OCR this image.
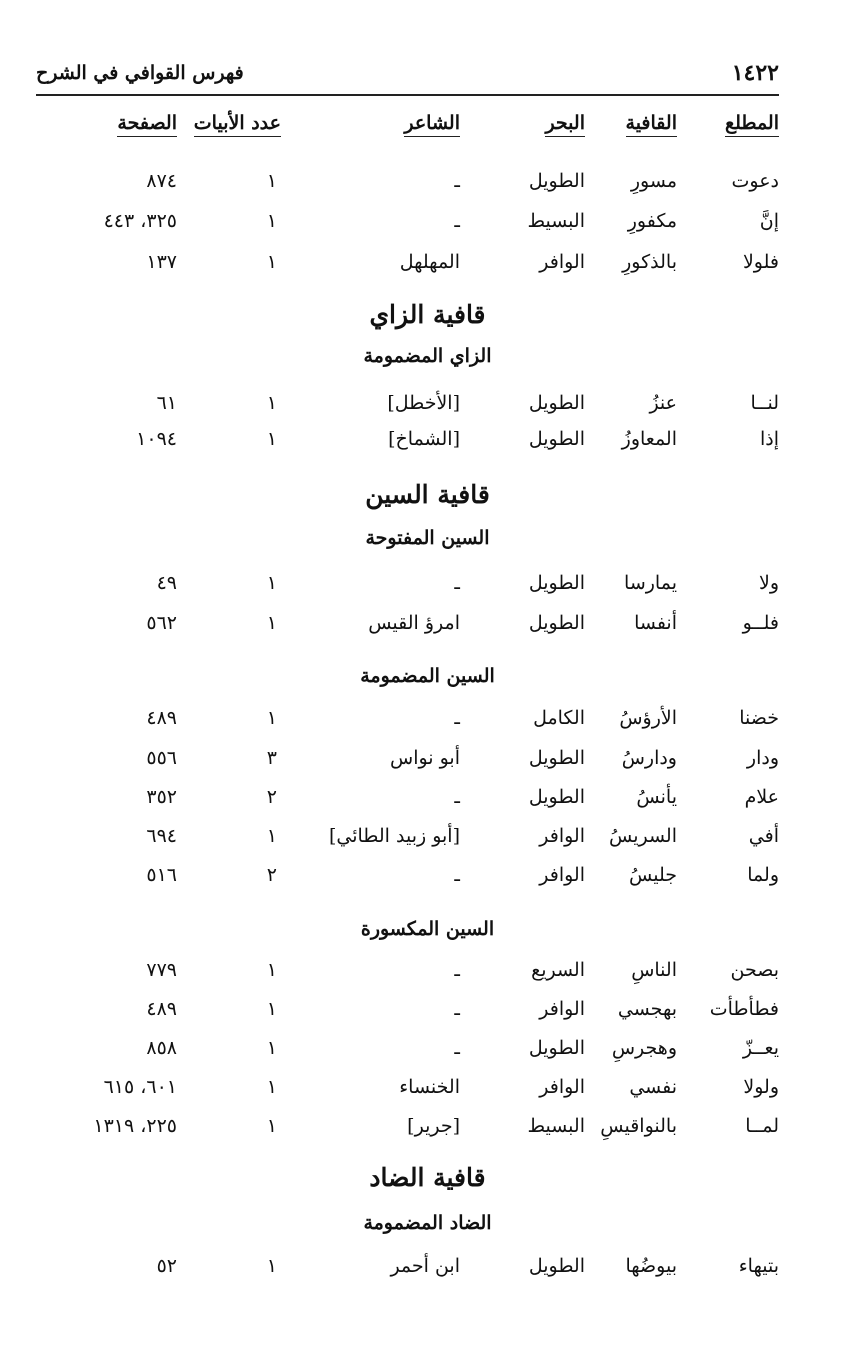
١٤٢٢
فهرس القوافي في الشرح
المطلع
القافية
البحر
الشاعر
عدد الأبيات
الصفحة
دعوت
مسورِ
الطويل
ـ
١
٨٧٤
إنَّ
مكفورِ
البسيط
ـ
١
٣٢٥، ٤٤٣
فلولا
بالذكورِ
الوافر
المهلهل
١
١٣٧
قافية الزاي
الزاي المضمومة
لنــا
عنزُ
الطويل
[الأخطل]
١
٦١
إذا
المعاوزُ
الطويل
[الشماخ]
١
١٠٩٤
قافية السين
السين المفتوحة
ولا
يمارسا
الطويل
ـ
١
٤٩
فلــو
أنفسا
الطويل
امرؤ القيس
١
٥٦٢
السين المضمومة
خضنا
الأرؤسُ
الكامل
ـ
١
٤٨٩
ودار
ودارسُ
الطويل
أبو نواس
٣
٥٥٦
علام
يأنسُ
الطويل
ـ
٢
٣٥٢
أفي
السريسُ
الوافر
[أبو زبيد الطائي]
١
٦٩٤
ولما
جليسُ
الوافر
ـ
٢
٥١٦
السين المكسورة
بصحن
الناسِ
السريع
ـ
١
٧٧٩
فطأطأت
بهجسي
الوافر
ـ
١
٤٨٩
يعــزّ
وهجرسِ
الطويل
ـ
١
٨٥٨
ولولا
نفسي
الوافر
الخنساء
١
٦٠١، ٦١٥
لمــا
بالنواقيسِ
البسيط
[جرير]
١
٢٢٥، ١٣١٩
قافية الضاد
الضاد المضمومة
بتيهاء
بيوضُها
الطويل
ابن أحمر
١
٥٢
